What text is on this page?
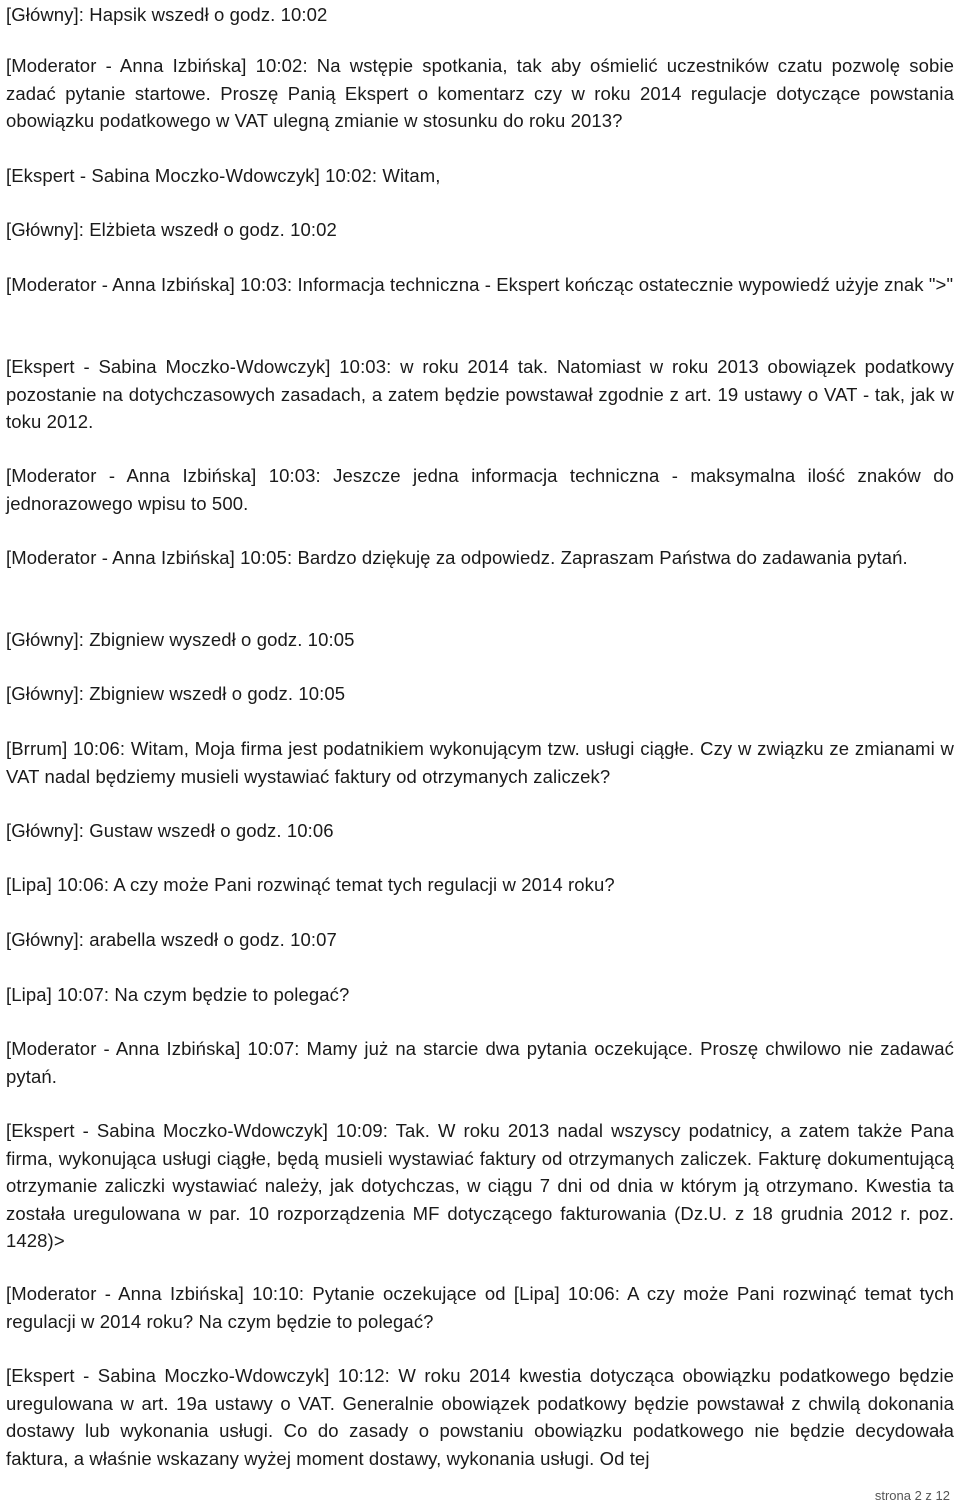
[Główny]: Hapsik wszedł o godz. 10:02

[Moderator - Anna Izbińska] 10:02: Na wstępie spotkania, tak aby ośmielić uczestników czatu pozwolę sobie zadać pytanie startowe. Proszę Panią Ekspert o komentarz czy w roku 2014 regulacje dotyczące powstania obowiązku podatkowego w VAT ulegną zmianie w stosunku do roku 2013?

[Ekspert - Sabina Moczko-Wdowczyk] 10:02: Witam,

[Główny]: Elżbieta wszedł o godz. 10:02

[Moderator - Anna Izbińska] 10:03: Informacja techniczna - Ekspert kończąc ostatecznie wypowiedź użyje znak ">"

[Ekspert - Sabina Moczko-Wdowczyk] 10:03: w roku 2014 tak. Natomiast w roku 2013 obowiązek podatkowy pozostanie na dotychczasowych zasadach, a zatem będzie powstawał zgodnie z art. 19 ustawy o VAT - tak, jak w toku 2012.

[Moderator - Anna Izbińska] 10:03: Jeszcze jedna informacja techniczna - maksymalna ilość znaków do jednorazowego wpisu to 500.

[Moderator - Anna Izbińska] 10:05: Bardzo dziękuję za odpowiedz. Zapraszam Państwa do zadawania pytań.

[Główny]: Zbigniew wyszedł o godz. 10:05

[Główny]: Zbigniew wszedł o godz. 10:05

[Brrum] 10:06: Witam, Moja firma jest podatnikiem wykonującym tzw. usługi ciągłe. Czy w związku ze zmianami w VAT nadal będziemy musieli wystawiać faktury od otrzymanych zaliczek?

[Główny]: Gustaw wszedł o godz. 10:06

[Lipa] 10:06: A czy może Pani rozwinąć temat tych regulacji w 2014 roku?

[Główny]: arabella wszedł o godz. 10:07

[Lipa] 10:07: Na czym będzie to polegać?

[Moderator - Anna Izbińska] 10:07: Mamy już na starcie dwa pytania oczekujące. Proszę chwilowo nie zadawać pytań.

[Ekspert - Sabina Moczko-Wdowczyk] 10:09: Tak. W roku 2013 nadal wszyscy podatnicy, a zatem także Pana firma, wykonująca usługi ciągłe, będą musieli wystawiać faktury od otrzymanych zaliczek. Fakturę dokumentującą otrzymanie zaliczki wystawiać należy, jak dotychczas, w ciągu 7 dni od dnia w którym ją otrzymano. Kwestia ta została uregulowana w par. 10 rozporządzenia MF dotyczącego fakturowania (Dz.U. z 18 grudnia 2012 r. poz. 1428)>

[Moderator - Anna Izbińska] 10:10: Pytanie oczekujące od [Lipa] 10:06: A czy może Pani rozwinąć temat tych regulacji w 2014 roku? Na czym będzie to polegać?

[Ekspert - Sabina Moczko-Wdowczyk] 10:12: W roku 2014 kwestia dotycząca obowiązku podatkowego będzie uregulowana w art. 19a ustawy o VAT. Generalnie obowiązek podatkowy będzie powstawał z chwilą dokonania dostawy lub wykonania usługi. Co do zasady o powstaniu obowiązku podatkowego nie będzie decydowała faktura, a właśnie wskazany wyżej moment dostawy, wykonania usługi. Od tej

strona 2 z 12
